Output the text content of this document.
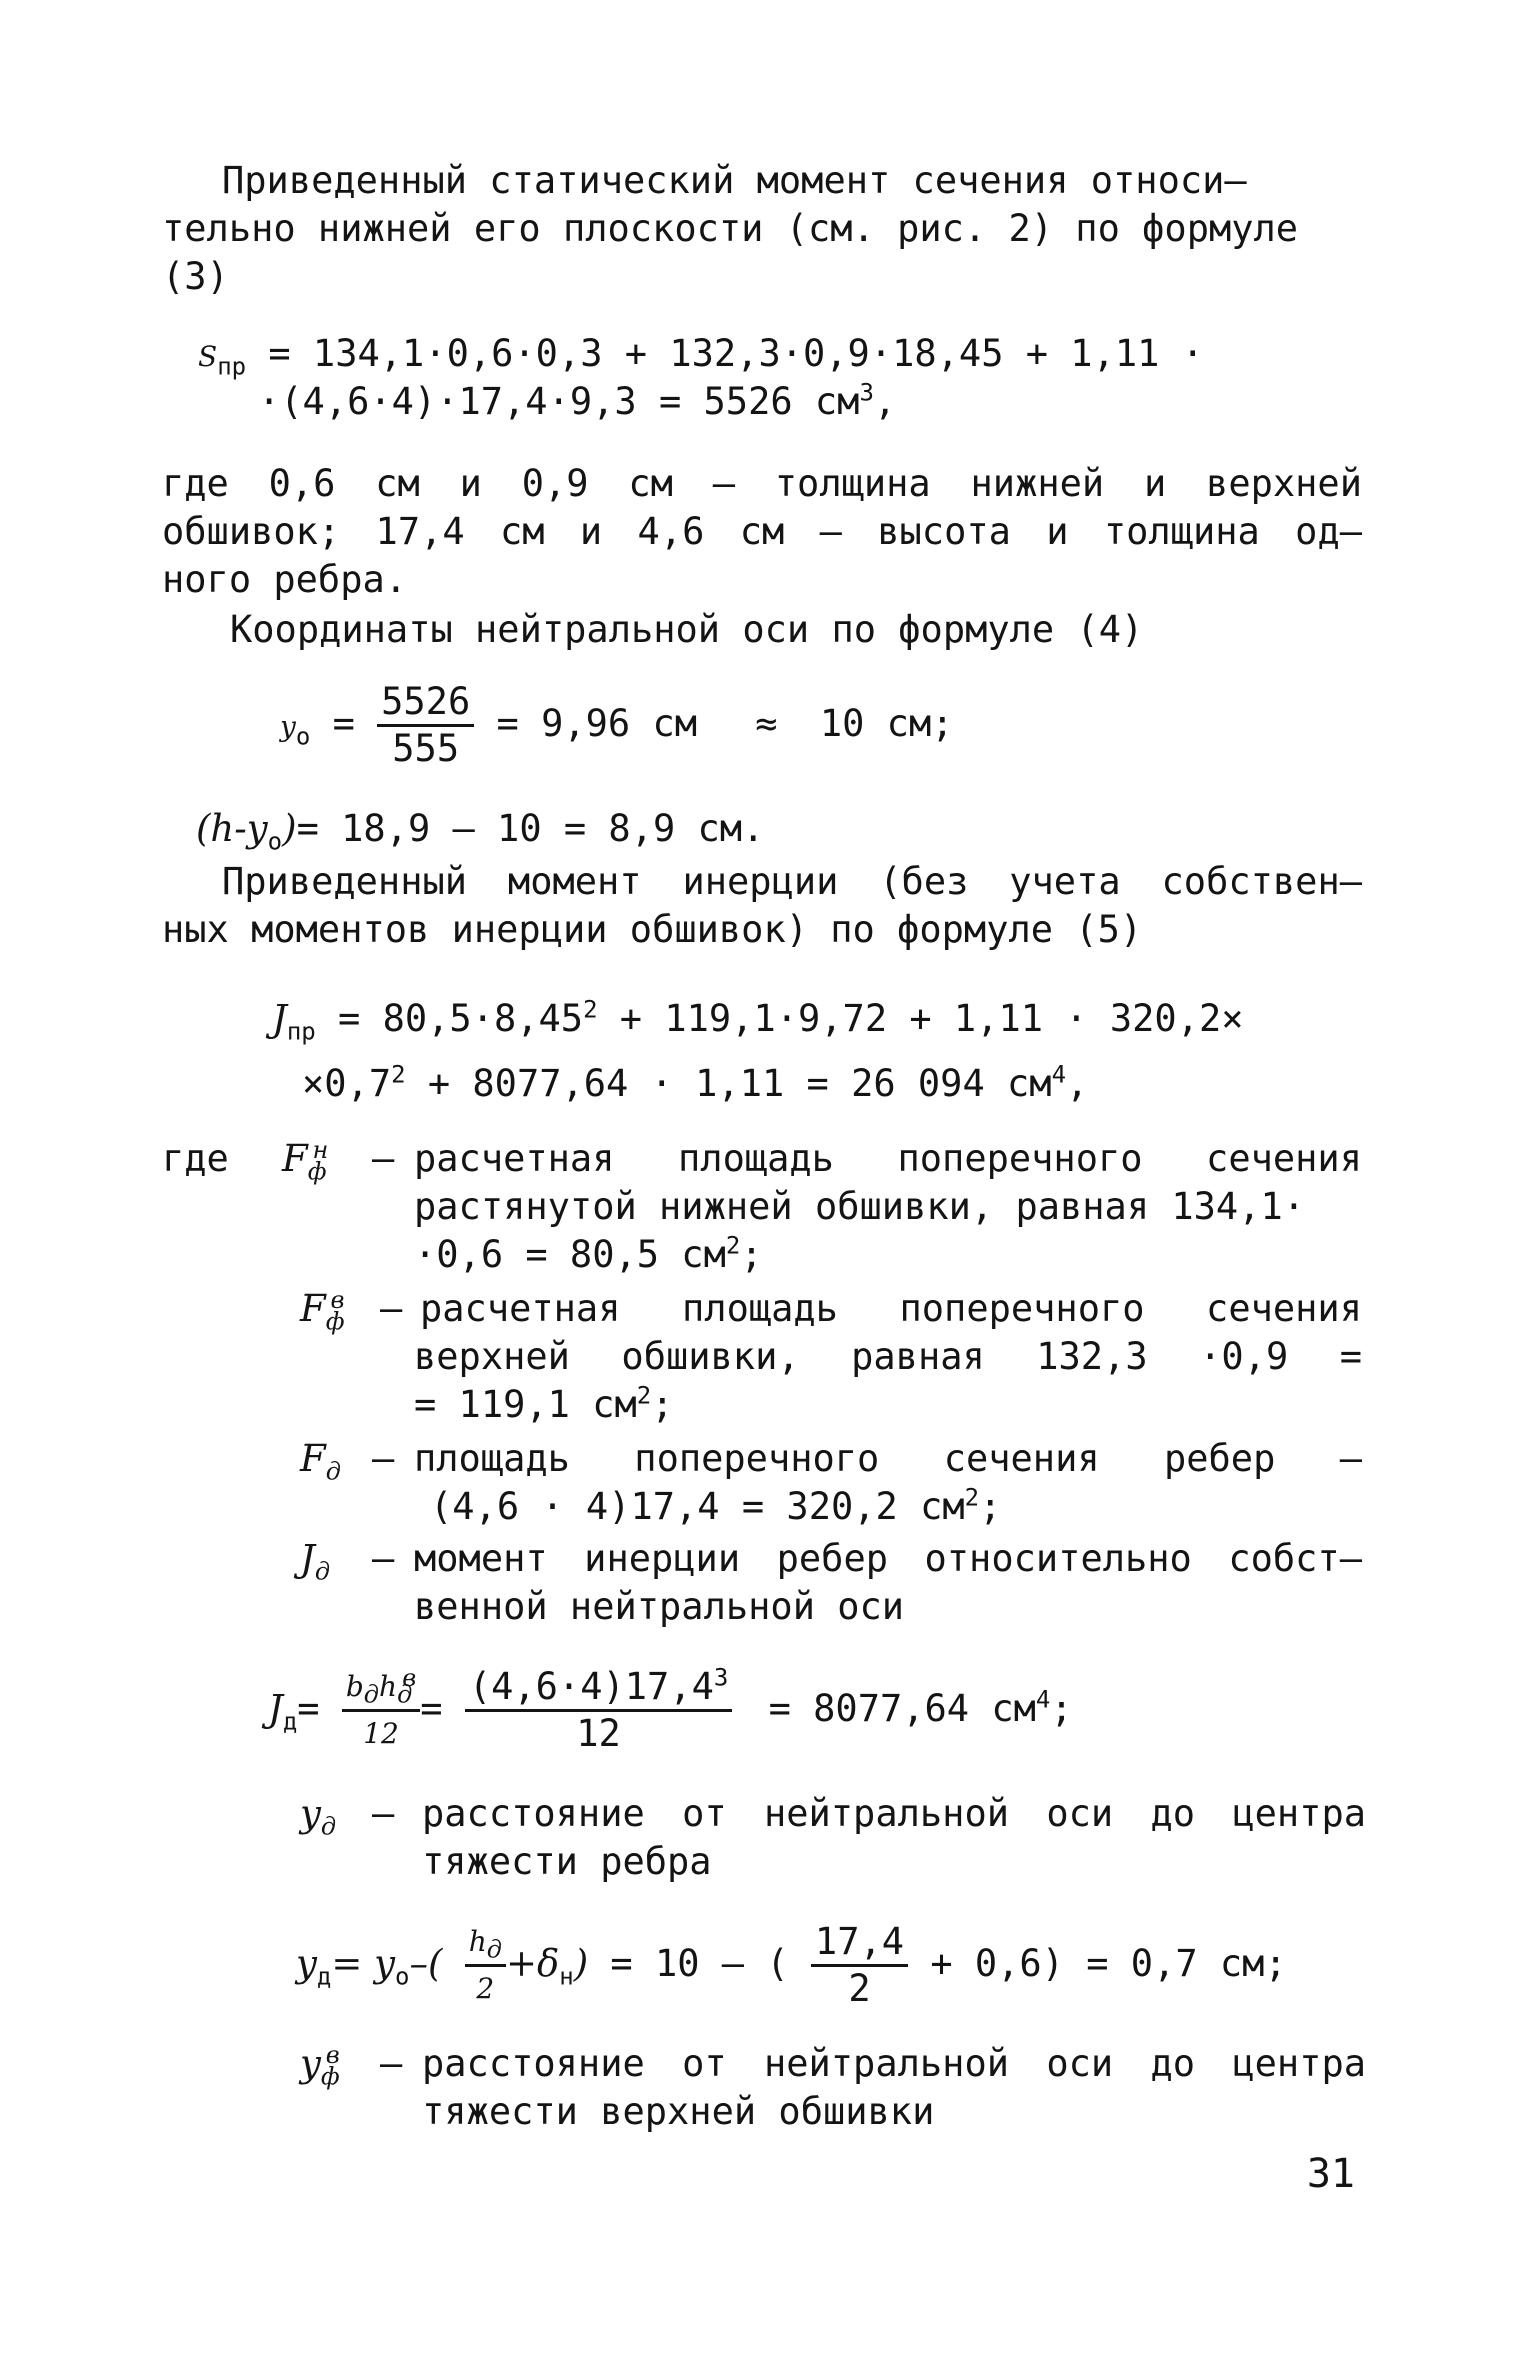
Приведенный статический момент сечения относи–
тельно нижней его плоскости (см. рис. 2) по формуле
(3)
$S_{пр} = 134,1\cdot 0,6\cdot 0,3 + 132,3\cdot 0,9\cdot 18,45 + 1,11$ ·
·(4,6·4)·17,4·9,3 = 5526 $см^3$,
где 0,6 см и 0,9 см – толщина нижней и верхней
обшивок; 17,4 см и 4,6 см – высота и толщина од–
ного ребра.
Координаты нейтральной оси по формуле (4)
$y_o = \frac{5526}{555} = 9,96$ см ≈ 10 см;
$(h-y_o)= 18,9 - 10 = 8,9$ см.
Приведенный момент инерции (без учета собствен–
ных моментов инерции обшивок) по формуле (5)
$J_{пр} = 80,5\cdot 8,45^2 + 119,1\cdot 9,72 + 1,11 \cdot 320,2\times$
$\times 0,7^2 + 8077,64 \cdot 1,11 = 26$ 094 $см^4$,
где $F_ф^н$ – расчетная площадь поперечного сечения
растянутой нижней обшивки, равная 134,1·
·0,6 = 80,5 $см^2$;
$F_ф^в$ – расчетная площадь поперечного сечения
верхней обшивки, равная 132,3 ·0,9 =
= 119,1 $см^2$;
$F_д$ – площадь поперечного сечения ребер –
(4,6 · 4)17,4 = 320,2 $см^2$;
$J_д$ – момент инерции ребер относительно собст–
венной нейтральной оси
$J_д= \frac{b_дh_д^в}{12} = \frac{(4,6\cdot 4)17,4^3}{12} = 8077,64$ $см^4$;
$y_д$ – расстояние от нейтральной оси до центра
тяжести ребра
$y_д= y_o-( \frac{h_д}{2} +\delta_н) = 10$ – ( $\frac{17,4}{2} + 0,6) = 0,7$ см;
$y_ф^в$ – расстояние от нейтральной оси до центра
тяжести верхней обшивки
31
